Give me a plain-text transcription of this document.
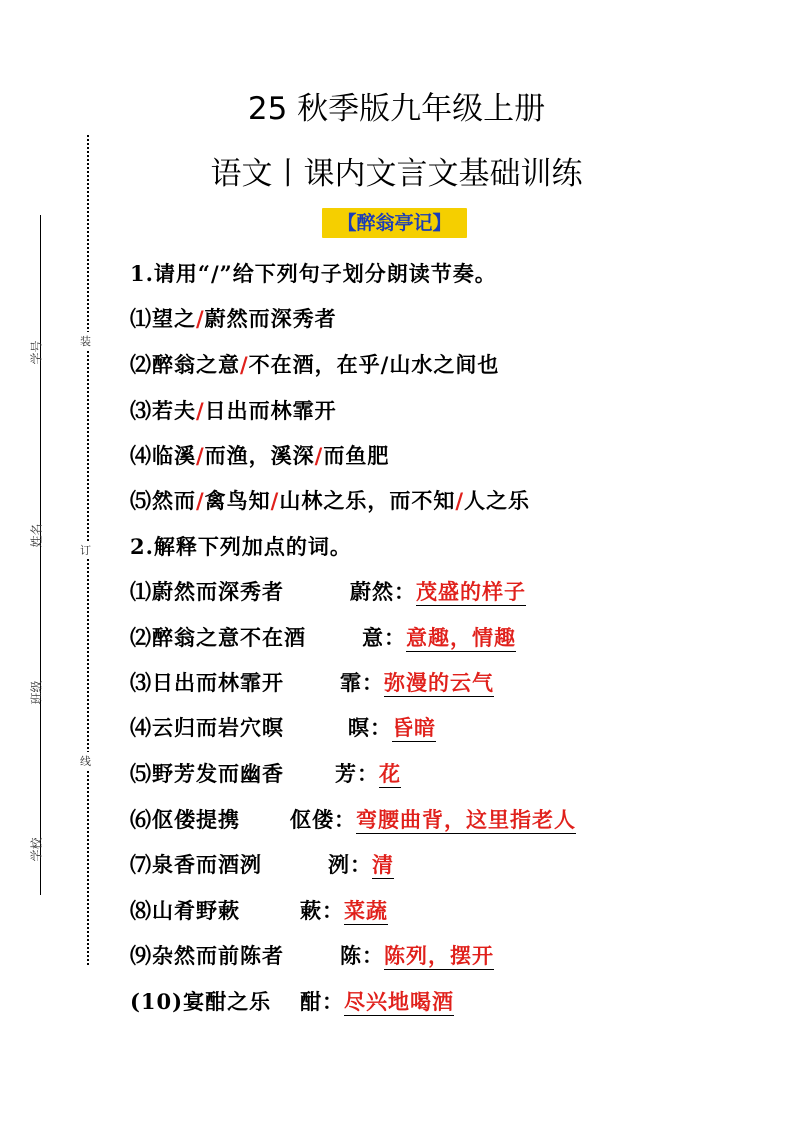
学号
姓名
班级
学校
装
订
线
25 秋季版九年级上册
语文丨课内文言文基础训练
【醉翁亭记】
1.请用“/”给下列句子划分朗读节奏。
⑴望之/蔚然而深秀者
⑵醉翁之意/不在酒，在乎/山水之间也
⑶若夫/日出而林霏开
⑷临溪/而渔，溪深/而鱼肥
⑸然而/禽鸟知/山林之乐，而不知/人之乐
2.解释下列加点的词。
⑴蔚然而深秀者	蔚然：茂盛的样子
⑵醉翁之意不在酒	意：意趣，情趣
⑶日出而林霏开	霏：弥漫的云气
⑷云归而岩穴暝	暝：昏暗
⑸野芳发而幽香 芳：花
⑹伛偻提携 伛偻：弯腰曲背，这里指老人
⑺泉香而酒洌	洌：清
⑻山肴野蔌	蔌：菜蔬
⑼杂然而前陈者	陈：陈列，摆开
(10)宴酣之乐 酣：尽兴地喝酒
